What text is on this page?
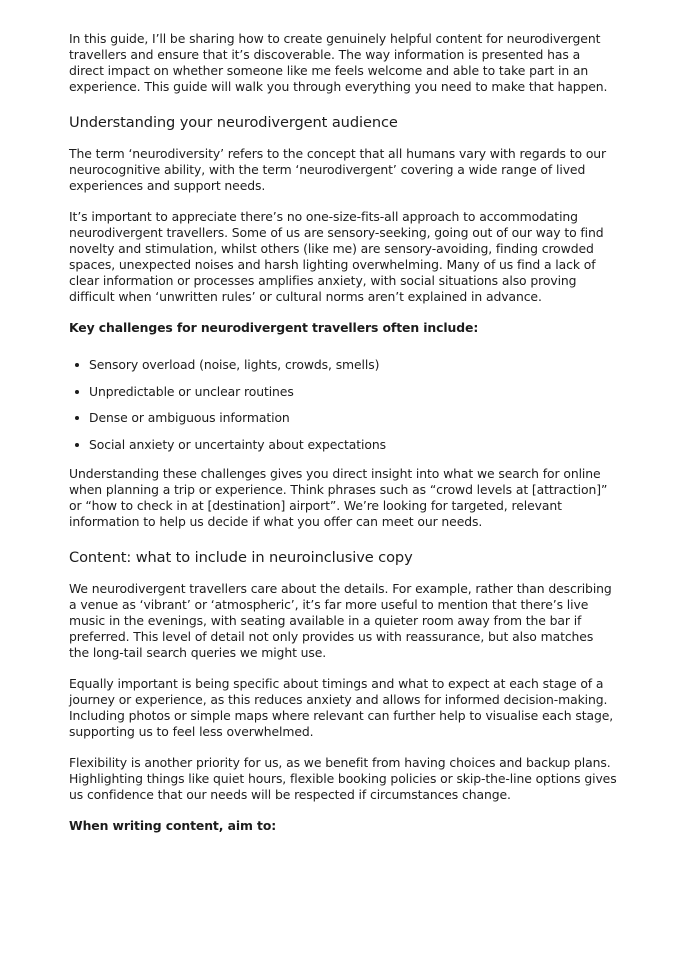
In this guide, I’ll be sharing how to create genuinely helpful content for neurodivergent travellers and ensure that it’s discoverable. The way information is presented has a direct impact on whether someone like me feels welcome and able to take part in an experience. This guide will walk you through everything you need to make that happen.

Understanding your neurodivergent audience

The term ‘neurodiversity’ refers to the concept that all humans vary with regards to our neurocognitive ability, with the term ‘neurodivergent’ covering a wide range of lived experiences and support needs.

It’s important to appreciate there’s no one-size-fits-all approach to accommodating neurodivergent travellers. Some of us are sensory-seeking, going out of our way to find novelty and stimulation, whilst others (like me) are sensory-avoiding, finding crowded spaces, unexpected noises and harsh lighting overwhelming. Many of us find a lack of clear information or processes amplifies anxiety, with social situations also proving difficult when ‘unwritten rules’ or cultural norms aren’t explained in advance.

Key challenges for neurodivergent travellers often include:

Sensory overload (noise, lights, crowds, smells)
Unpredictable or unclear routines
Dense or ambiguous information
Social anxiety or uncertainty about expectations

Understanding these challenges gives you direct insight into what we search for online when planning a trip or experience. Think phrases such as “crowd levels at [attraction]” or “how to check in at [destination] airport”. We’re looking for targeted, relevant information to help us decide if what you offer can meet our needs.

Content: what to include in neuroinclusive copy

We neurodivergent travellers care about the details. For example, rather than describing a venue as ‘vibrant’ or ‘atmospheric’, it’s far more useful to mention that there’s live music in the evenings, with seating available in a quieter room away from the bar if preferred. This level of detail not only provides us with reassurance, but also matches the long-tail search queries we might use.

Equally important is being specific about timings and what to expect at each stage of a journey or experience, as this reduces anxiety and allows for informed decision-making. Including photos or simple maps where relevant can further help to visualise each stage, supporting us to feel less overwhelmed.

Flexibility is another priority for us, as we benefit from having choices and backup plans. Highlighting things like quiet hours, flexible booking policies or skip-the-line options gives us confidence that our needs will be respected if circumstances change.

When writing content, aim to:
